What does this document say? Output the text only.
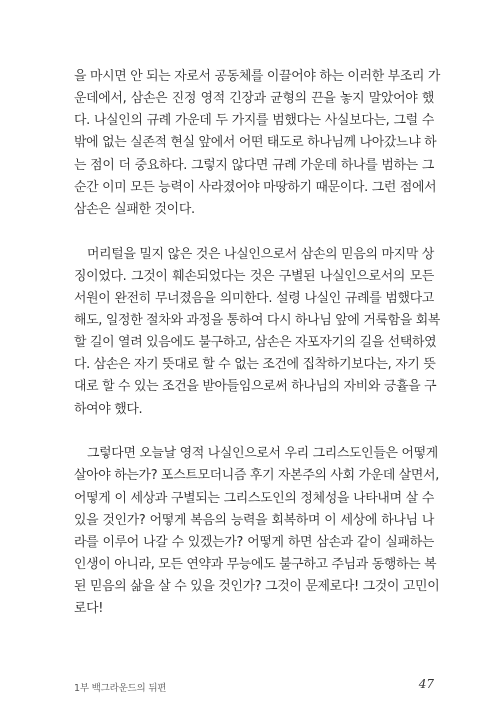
을 마시면 안 되는 자로서 공동체를 이끌어야 하는 이러한 부조리 가
운데에서, 삼손은 진정 영적 긴장과 균형의 끈을 놓지 말았어야 했
다. 나실인의 규례 가운데 두 가지를 범했다는 사실보다는, 그럴 수
밖에 없는 실존적 현실 앞에서 어떤 태도로 하나님께 나아갔느냐 하
는 점이 더 중요하다. 그렇지 않다면 규례 가운데 하나를 범하는 그
순간 이미 모든 능력이 사라졌어야 마땅하기 때문이다. 그런 점에서
삼손은 실패한 것이다.
머리털을 밀지 않은 것은 나실인으로서 삼손의 믿음의 마지막 상
징이었다. 그것이 훼손되었다는 것은 구별된 나실인으로서의 모든
서원이 완전히 무너졌음을 의미한다. 설령 나실인 규례를 범했다고
해도, 일정한 절차와 과정을 통하여 다시 하나님 앞에 거룩함을 회복
할 길이 열려 있음에도 불구하고, 삼손은 자포자기의 길을 선택하였
다. 삼손은 자기 뜻대로 할 수 없는 조건에 집착하기보다는, 자기 뜻
대로 할 수 있는 조건을 받아들임으로써 하나님의 자비와 긍휼을 구
하여야 했다.
그렇다면 오늘날 영적 나실인으로서 우리 그리스도인들은 어떻게
살아야 하는가? 포스트모더니즘 후기 자본주의 사회 가운데 살면서,
어떻게 이 세상과 구별되는 그리스도인의 정체성을 나타내며 살 수
있을 것인가? 어떻게 복음의 능력을 회복하며 이 세상에 하나님 나
라를 이루어 나갈 수 있겠는가? 어떻게 하면 삼손과 같이 실패하는
인생이 아니라, 모든 연약과 무능에도 불구하고 주님과 동행하는 복
된 믿음의 삶을 살 수 있을 것인가? 그것이 문제로다! 그것이 고민이
로다!
1부 백그라운드의 뒤편	47
